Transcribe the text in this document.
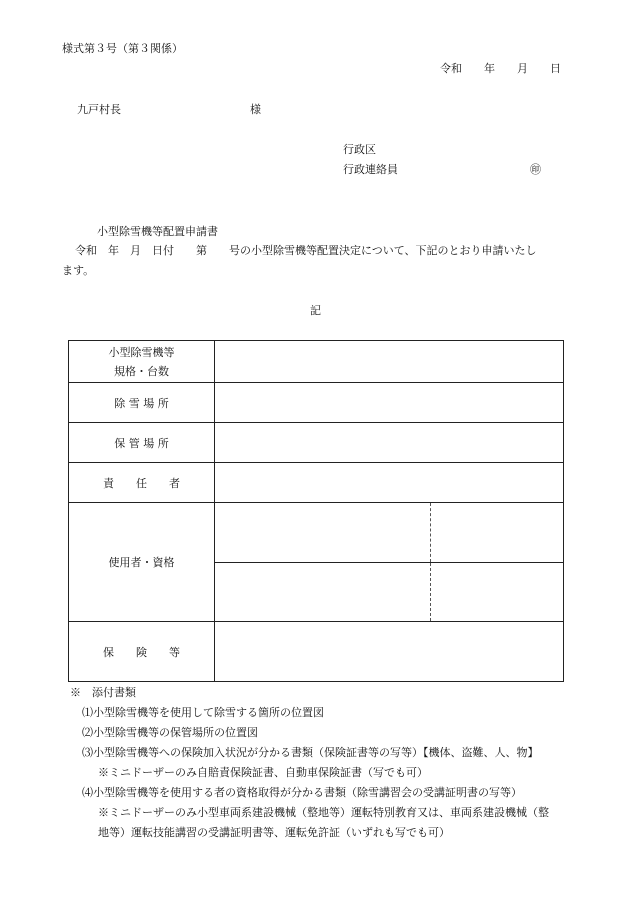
様式第３号（第３関係）
令和　　年　　月　　日
九戸村長	様
行政区
行政連絡員	㊞
小型除雪機等配置申請書
令和　年　月　日付　　第　　号の小型除雪機等配置決定について、下記のとおり申請いたし
ます。
記
小型除雪機等
規格・台数	

除 雪 場 所	
保 管 場 所	
責　　任　　者	
使用者・資格	

保　　険　　等	
※　添付書類
⑴小型除雪機等を使用して除雪する箇所の位置図
⑵小型除雪機等の保管場所の位置図
⑶小型除雪機等への保険加入状況が分かる書類（保険証書等の写等）【機体、盗難、人、物】
※ミニドーザーのみ自賠責保険証書、自動車保険証書（写でも可）
⑷小型除雪機等を使用する者の資格取得が分かる書類（除雪講習会の受講証明書の写等）
※ミニドーザーのみ小型車両系建設機械（整地等）運転特別教育又は、車両系建設機械（整
地等）運転技能講習の受講証明書等、運転免許証（いずれも写でも可）
